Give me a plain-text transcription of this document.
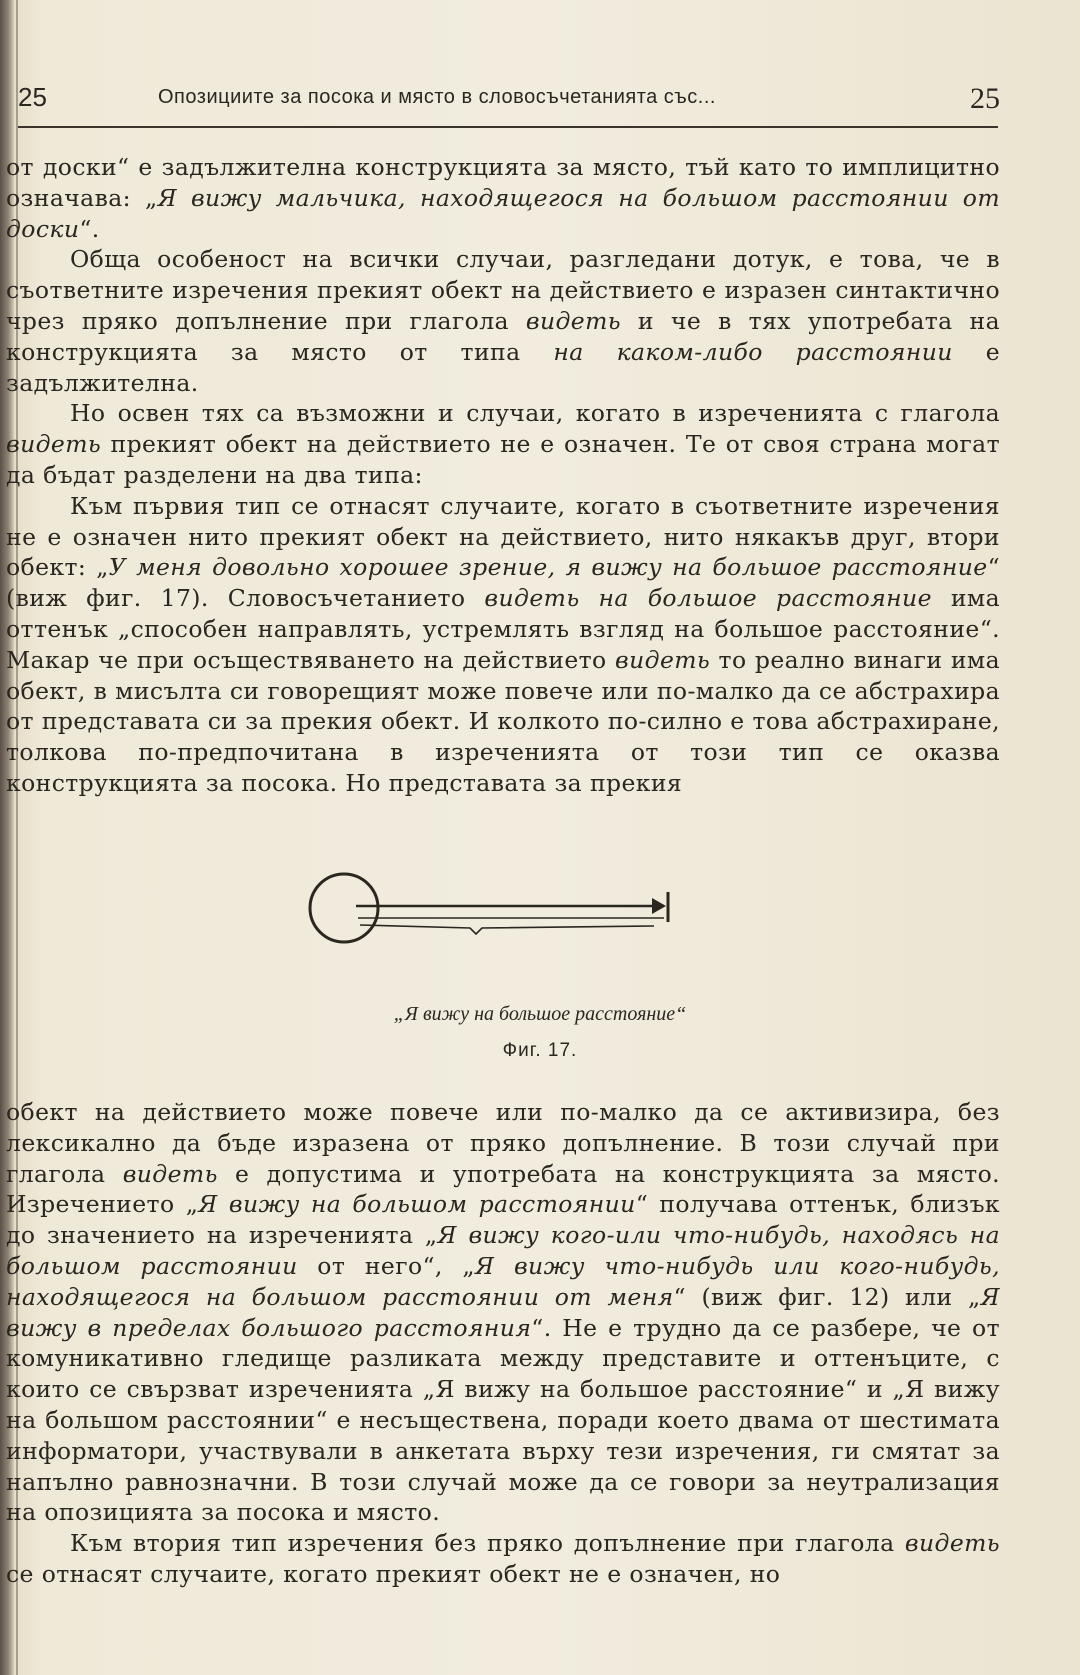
25	Опозициите за посока и място в словосъчетанията със...	25

от доски“ е задължителна конструкцията за място, тъй като то имплицитно означава: „Я вижу мальчика, находящегося на большом расстоянии от доски“.

Обща особеност на всички случаи, разгледани дотук, е това, че в съответните изречения прекият обект на действието е изразен синтактично чрез пряко допълнение при глагола видеть и че в тях употребата на конструкцията за място от типа на каком-либо расстоянии е задължителна.

Но освен тях са възможни и случаи, когато в изреченията с глагола видеть прекият обект на действието не е означен. Те от своя страна могат да бъдат разделени на два типа:

Към първия тип се отнасят случаите, когато в съответните изречения не е означен нито прекият обект на действието, нито някакъв друг, втори обект: „У меня довольно хорошее зрение, я вижу на большое расстояние“ (виж фиг. 17). Словосъчетанието видеть на большое расстояние има оттенък „способен направлять, устремлять взгляд на большое расстояние“. Макар че при осъществяването на действието видеть то реално винаги има обект, в мисълта си говорещият може повече или по-малко да се абстрахира от представата си за прекия обект. И колкото по-силно е това абстрахиране, толкова по-предпочитана в изреченията от този тип се оказва конструкцията за посока. Но представата за прекия

„Я вижу на большое расстояние“
Фиг. 17.

обект на действието може повече или по-малко да се активизира, без лексикално да бъде изразена от пряко допълнение. В този случай при глагола видеть е допустима и употребата на конструкцията за място. Изречението „Я вижу на большом расстоянии“ получава оттенък, близък до значението на изреченията „Я вижу кого-или что-нибудь, находясь на большом расстоянии от него“, „Я вижу что-нибудь или кого-нибудь, находящегося на большом расстоянии от меня“ (виж фиг. 12) или „Я вижу в пределах большого расстояния“. Не е трудно да се разбере, че от комуникативно гледище разликата между представите и оттенъците, с които се свързват изреченията „Я вижу на большое расстояние“ и „Я вижу на большом расстоянии“ е несъществена, поради което двама от шестимата информатори, участвували в анкетата върху тези изречения, ги смятат за напълно равнозначни. В този случай може да се говори за неутрализация на опозицията за посока и място.

Към втория тип изречения без пряко допълнение при глагола видеть се отнасят случаите, когато прекият обект не е означен, но
